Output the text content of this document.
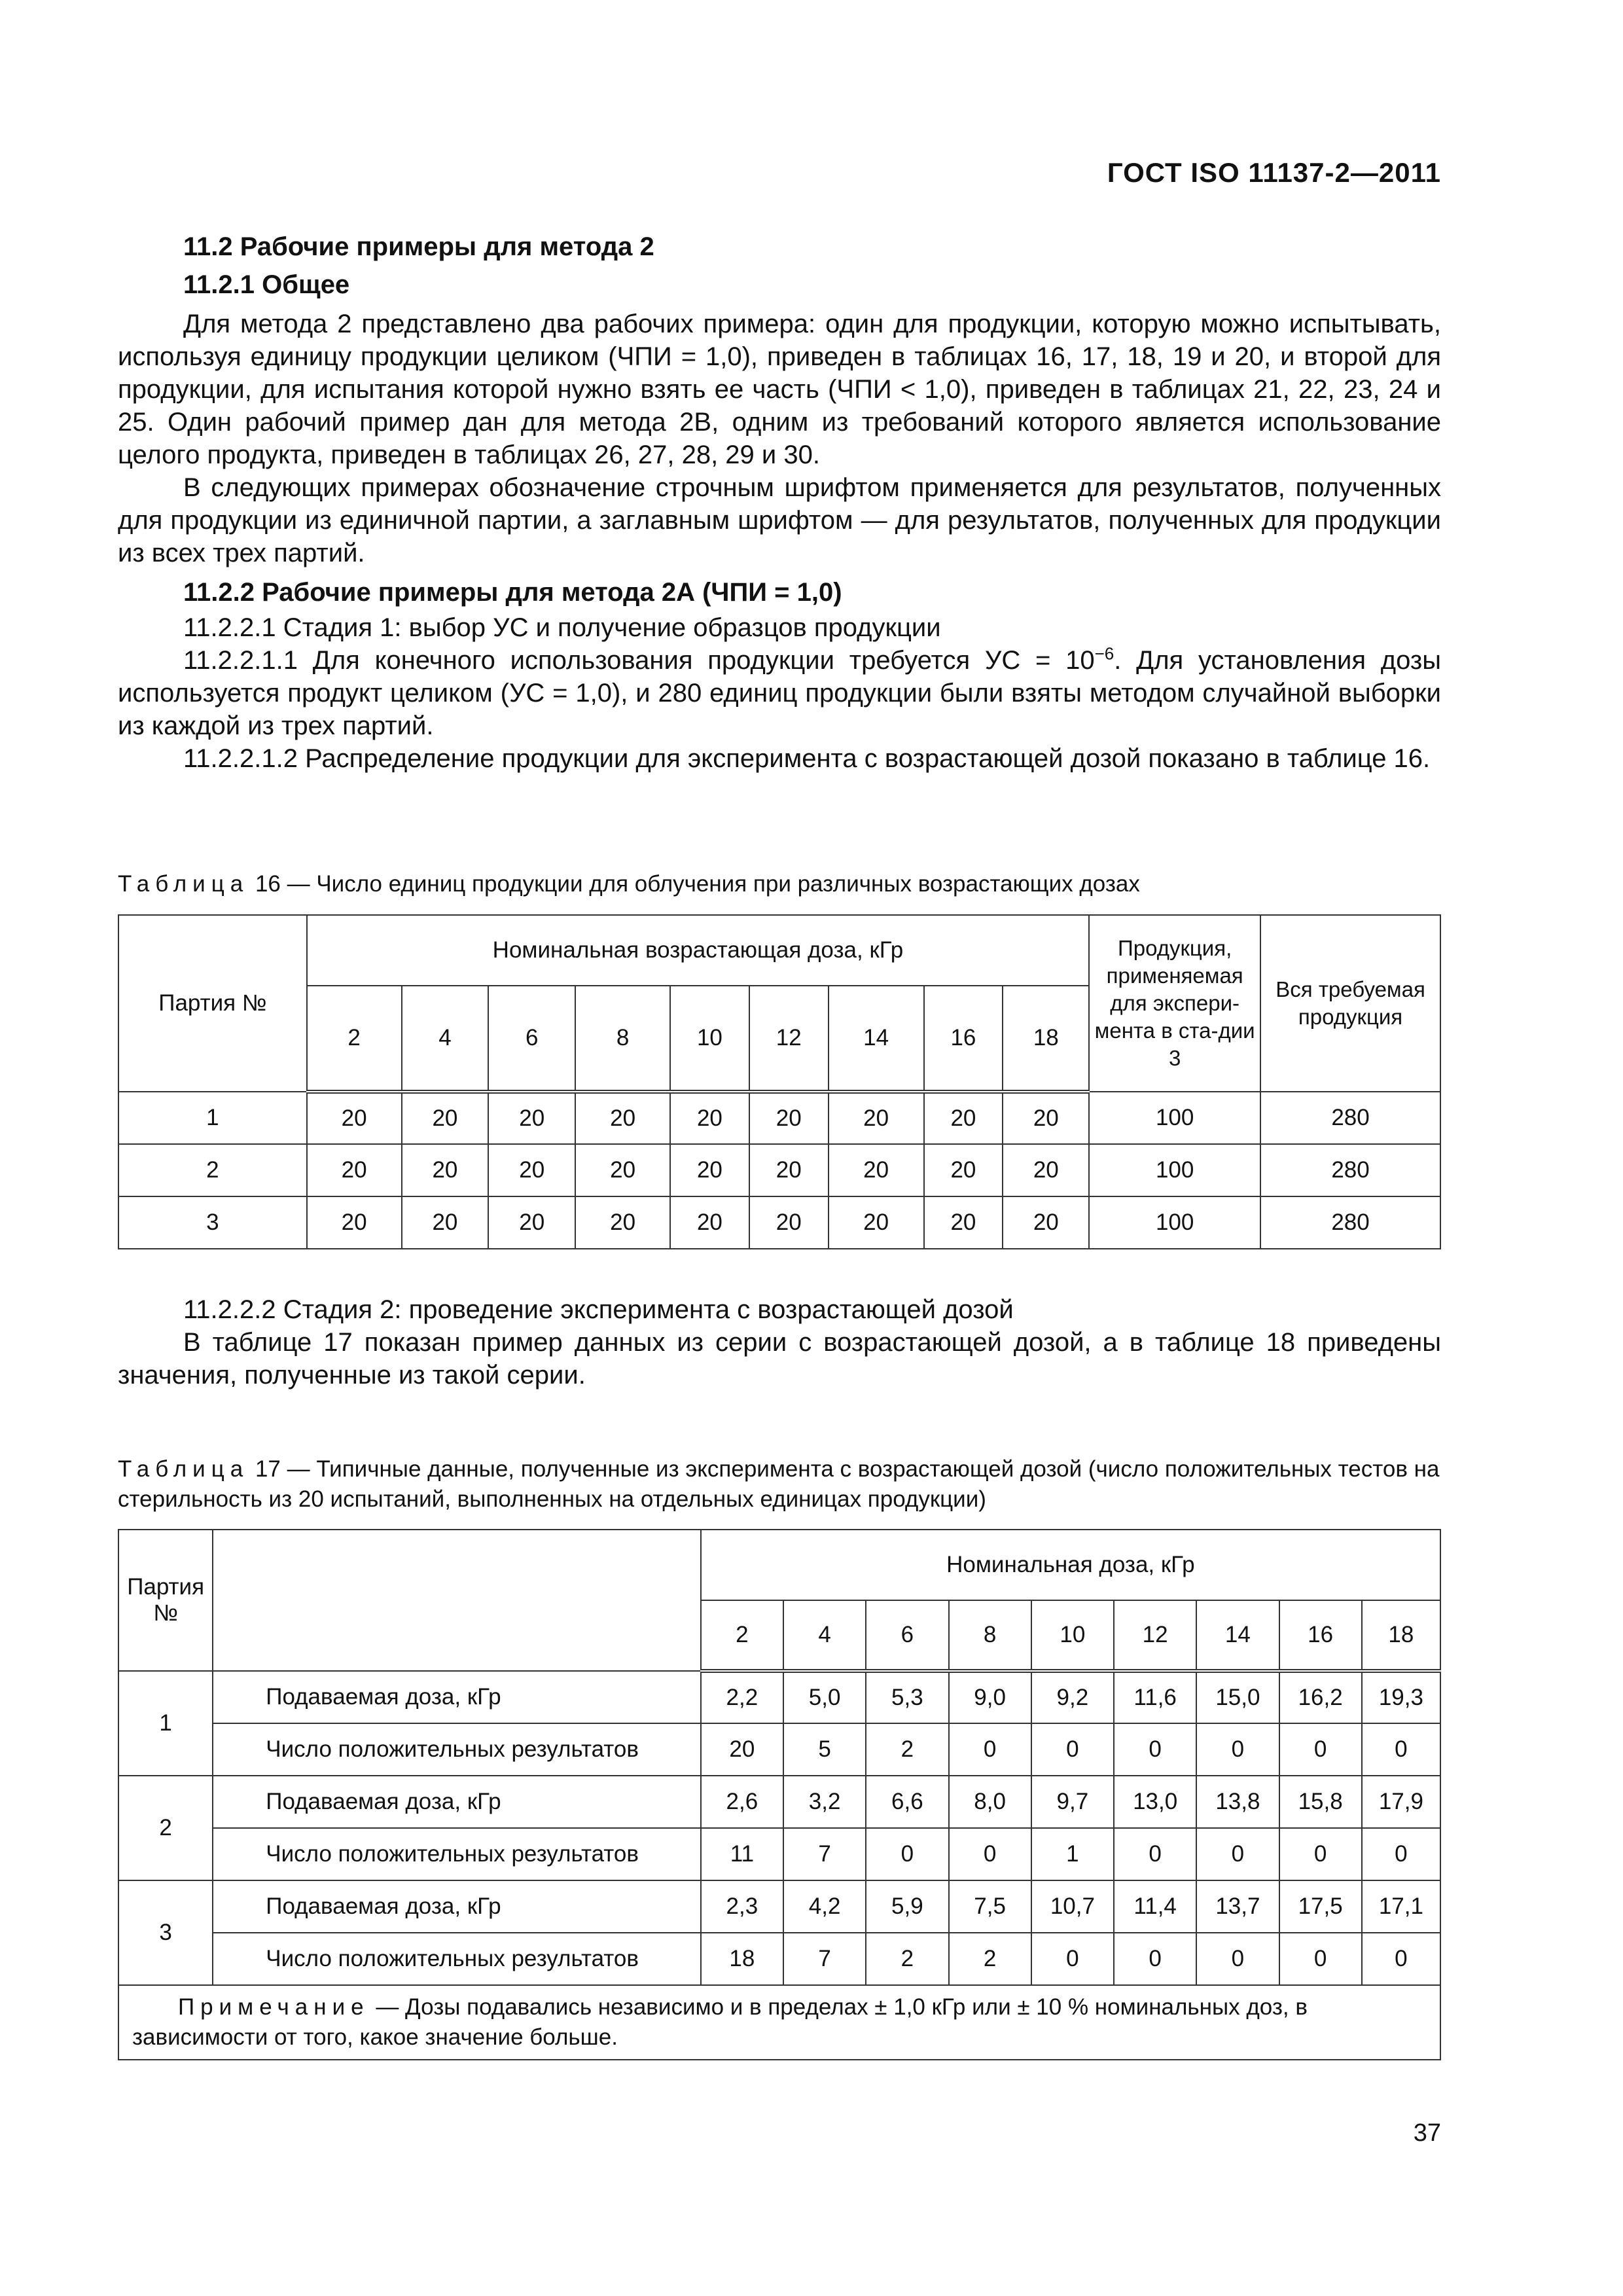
ГОСТ ISO 11137-2—2011
11.2 Рабочие примеры для метода 2
11.2.1 Общее

Для метода 2 представлено два рабочих примера: один для продукции, которую можно испытывать, используя единицу продукции целиком (ЧПИ = 1,0), приведен в таблицах 16, 17, 18, 19 и 20, и второй для продукции, для испытания которой нужно взять ее часть (ЧПИ < 1,0), приведен в таблицах 21, 22, 23, 24 и 25. Один рабочий пример дан для метода 2В, одним из требований которого является использование целого продукта, приведен в таблицах 26, 27, 28, 29 и 30.

В следующих примерах обозначение строчным шрифтом применяется для результатов, полученных для продукции из единичной партии, а заглавным шрифтом — для результатов, полученных для продукции из всех трех партий.

11.2.2 Рабочие примеры для метода 2А (ЧПИ = 1,0)

11.2.2.1 Стадия 1: выбор УС и получение образцов продукции

11.2.2.1.1 Для конечного использования продукции требуется УС = $10^{-6}$. Для установления дозы используется продукт целиком (УС = 1,0), и 280 единиц продукции были взяты методом случайной выборки из каждой из трех партий.

11.2.2.1.2 Распределение продукции для эксперимента с возрастающей дозой показано в таблице 16.

Таблица 16 — Число единиц продукции для облучения при различных возрастающих дозах
Партия №	Номинальная возрастающая доза, кГр									Продукция, применяемая для экспери-мента в ста-дии 3	Вся требуемая продукция
	2	4	6	8	10	12	14	16	18		
1	20	20	20	20	20	20	20	20	20	100	280
2	20	20	20	20	20	20	20	20	20	100	280
3	20	20	20	20	20	20	20	20	20	100	280

11.2.2.2 Стадия 2: проведение эксперимента с возрастающей дозой

В таблице 17 показан пример данных из серии с возрастающей дозой, а в таблице 18 приведены значения, полученные из такой серии.

Таблица 17 — Типичные данные, полученные из эксперимента с возрастающей дозой (число положительных тестов на стерильность из 20 испытаний, выполненных на отдельных единицах продукции)
Партия №		Номинальная доза, кГр								
		2	4	6	8	10	12	14	16	18
1	Подаваемая доза, кГр	2,2	5,0	5,3	9,0	9,2	11,6	15,0	16,2	19,3
	Число положительных результатов	20	5	2	0	0	0	0	0	0
2	Подаваемая доза, кГр	2,6	3,2	6,6	8,0	9,7	13,0	13,8	15,8	17,9
	Число положительных результатов	11	7	0	0	1	0	0	0	0
3	Подаваемая доза, кГр	2,3	4,2	5,9	7,5	10,7	11,4	13,7	17,5	17,1
	Число положительных результатов	18	7	2	2	0	0	0	0	0
Примечание — Дозы подавались независимо и в пределах ± 1,0 кГр или ± 10 % номинальных доз, в зависимости от того, какое значение больше.										
37
